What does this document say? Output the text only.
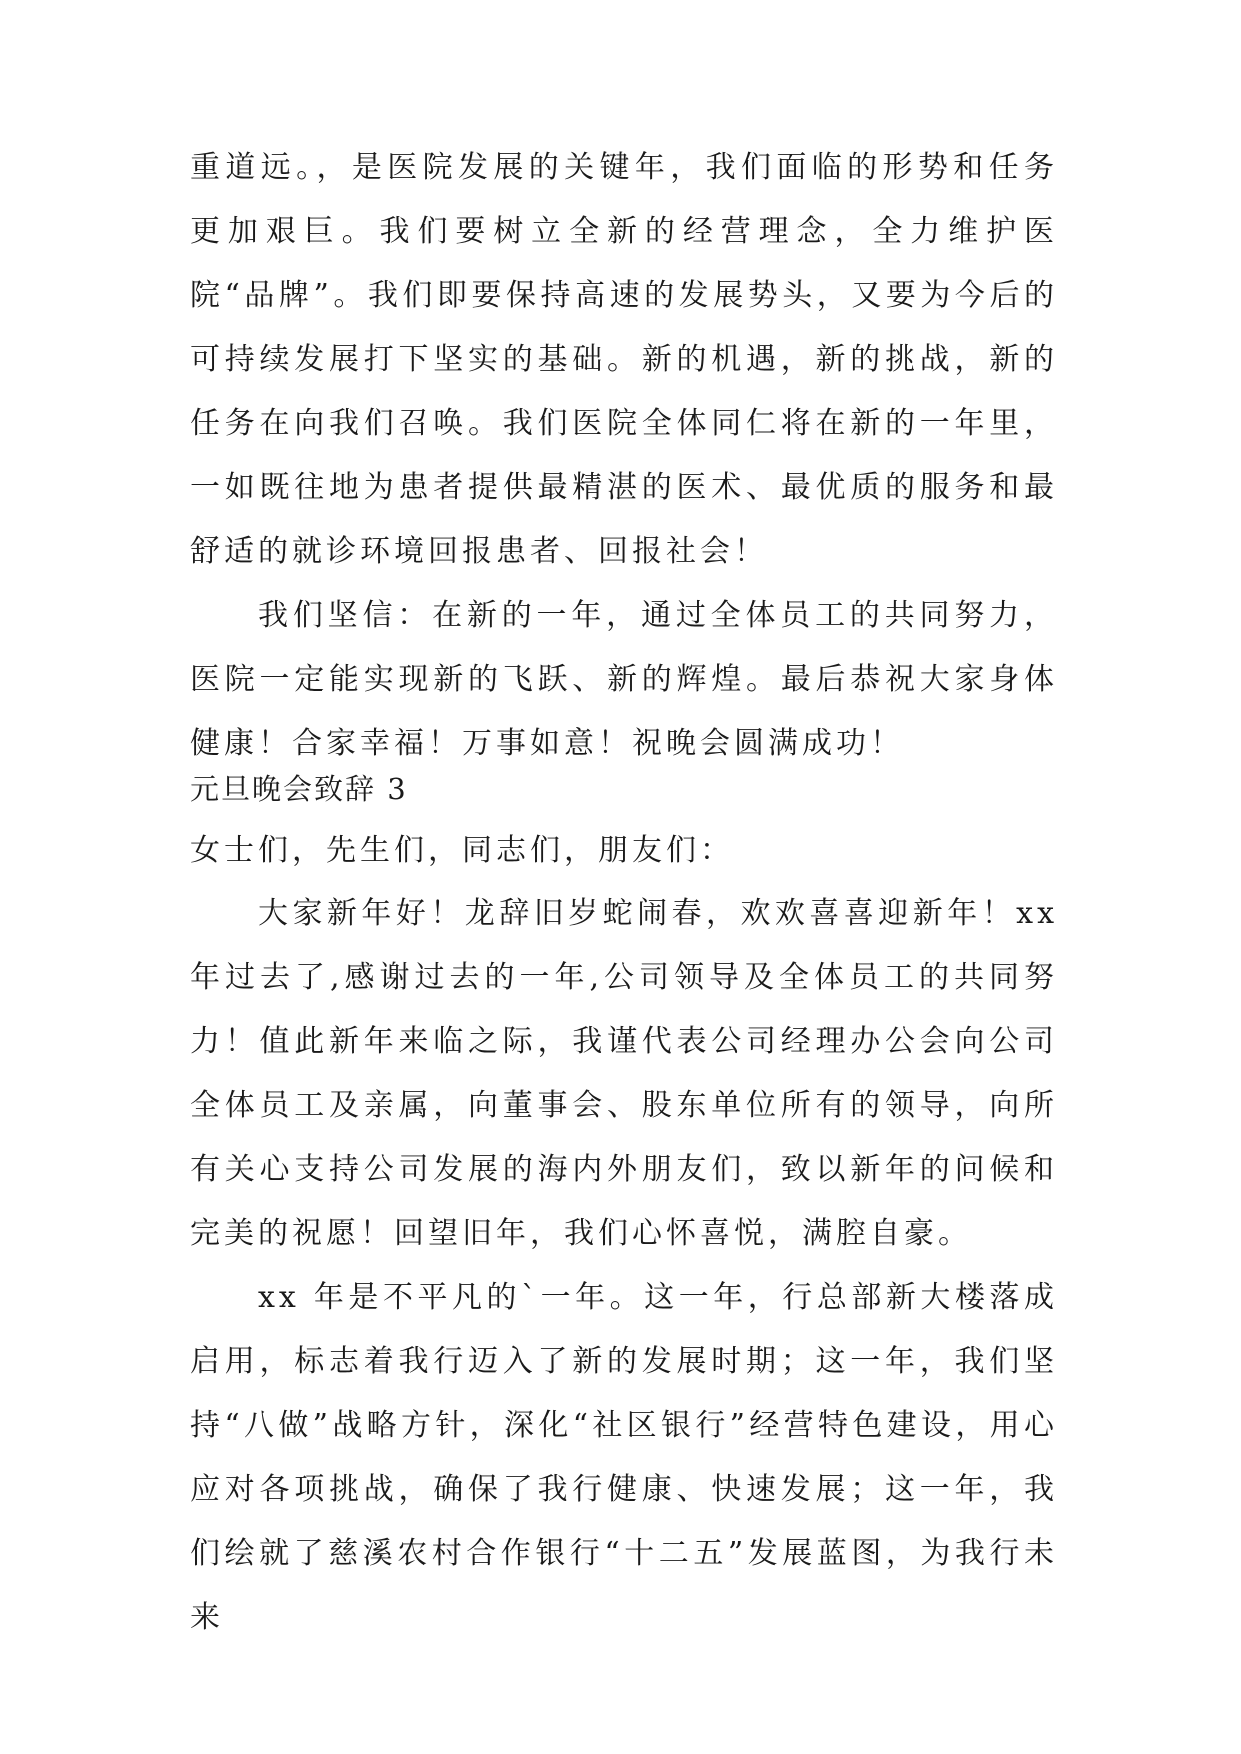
重道远。，是医院发展的关键年，我们面临的形势和任务更加艰巨。我们要树立全新的经营理念，全力维护医院“品牌”。我们即要保持高速的发展势头，又要为今后的可持续发展打下坚实的基础。新的机遇，新的挑战，新的任务在向我们召唤。我们医院全体同仁将在新的一年里，一如既往地为患者提供最精湛的医术、最优质的服务和最舒适的就诊环境回报患者、回报社会！

我们坚信：在新的一年，通过全体员工的共同努力，医院一定能实现新的飞跃、新的辉煌。最后恭祝大家身体健康！合家幸福！万事如意！祝晚会圆满成功！

元旦晚会致辞 3

女士们，先生们，同志们，朋友们：

大家新年好！龙辞旧岁蛇闹春，欢欢喜喜迎新年！xx 年过去了,感谢过去的一年,公司领导及全体员工的共同努力！值此新年来临之际，我谨代表公司经理办公会向公司全体员工及亲属，向董事会、股东单位所有的领导，向所有关心支持公司发展的海内外朋友们，致以新年的问候和完美的祝愿！回望旧年，我们心怀喜悦，满腔自豪。

xx 年是不平凡的`一年。这一年，行总部新大楼落成启用，标志着我行迈入了新的发展时期；这一年，我们坚持“八做”战略方针，深化“社区银行”经营特色建设，用心应对各项挑战，确保了我行健康、快速发展；这一年，我们绘就了慈溪农村合作银行“十二五”发展蓝图，为我行未来
